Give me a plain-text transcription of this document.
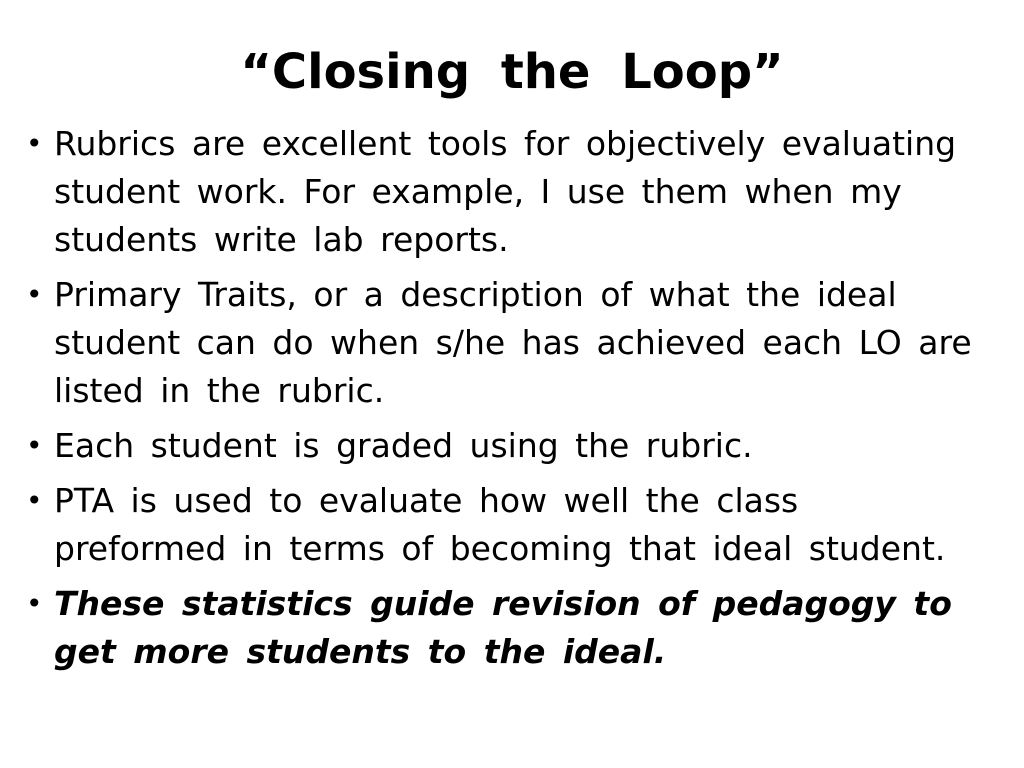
“Closing the Loop”
• Rubrics are excellent tools for objectively evaluating student work. For example, I use them when my students write lab reports.
• Primary Traits, or a description of what the ideal student can do when s/he has achieved each LO are listed in the rubric.
• Each student is graded using the rubric.
• PTA is used to evaluate how well the class preformed in terms of becoming that ideal student.
• These statistics guide revision of pedagogy to get more students to the ideal.
